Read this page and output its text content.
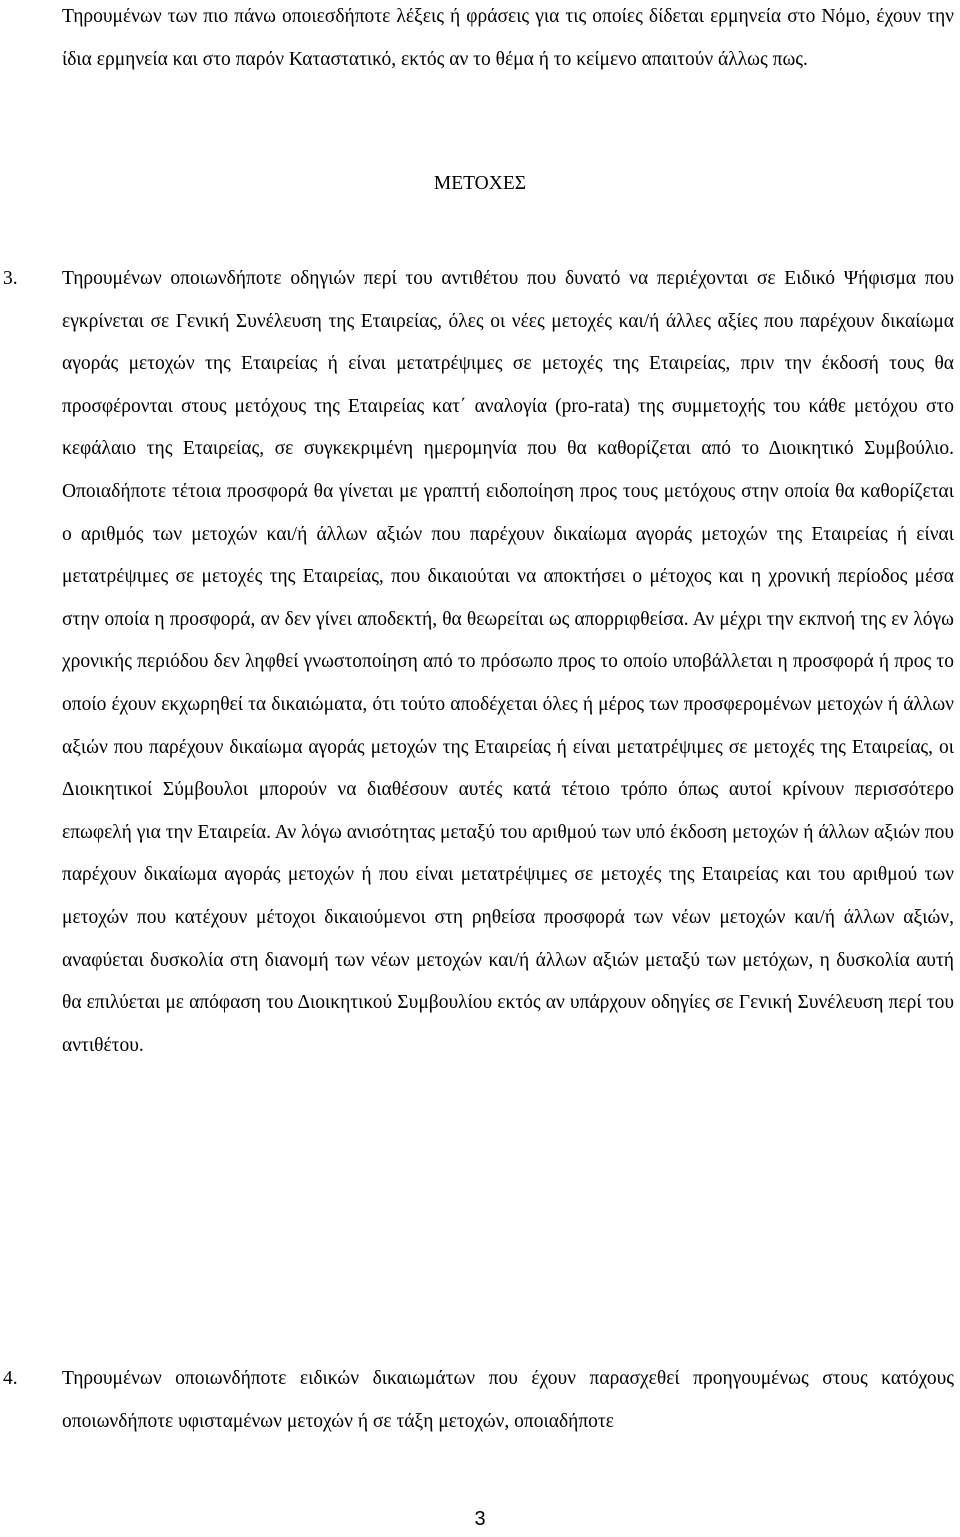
Τηρουμένων των πιο πάνω οποιεσδήποτε λέξεις ή φράσεις για τις οποίες δίδεται ερμηνεία στο Νόμο, έχουν την ίδια ερμηνεία και στο παρόν Καταστατικό, εκτός αν το θέμα ή το κείμενο απαιτούν άλλως πως.

ΜΕΤΟΧΕΣ

3. Τηρουμένων οποιωνδήποτε οδηγιών περί του αντιθέτου που δυνατό να περιέχονται σε Ειδικό Ψήφισμα που εγκρίνεται σε Γενική Συνέλευση της Εταιρείας, όλες οι νέες μετοχές και/ή άλλες αξίες που παρέχουν δικαίωμα αγοράς μετοχών της Εταιρείας ή είναι μετατρέψιμες σε μετοχές της Εταιρείας, πριν την έκδοσή τους θα προσφέρονται στους μετόχους της Εταιρείας κατ΄ αναλογία (pro-rata) της συμμετοχής του κάθε μετόχου στο κεφάλαιο της Εταιρείας, σε συγκεκριμένη ημερομηνία που θα καθορίζεται από το Διοικητικό Συμβούλιο. Οποιαδήποτε τέτοια προσφορά θα γίνεται με γραπτή ειδοποίηση προς τους μετόχους στην οποία θα καθορίζεται ο αριθμός των μετοχών και/ή άλλων αξιών που παρέχουν δικαίωμα αγοράς μετοχών της Εταιρείας ή είναι μετατρέψιμες σε μετοχές της Εταιρείας, που δικαιούται να αποκτήσει ο μέτοχος και η χρονική περίοδος μέσα στην οποία η προσφορά, αν δεν γίνει αποδεκτή, θα θεωρείται ως απορριφθείσα. Αν μέχρι την εκπνοή της εν λόγω χρονικής περιόδου δεν ληφθεί γνωστοποίηση από το πρόσωπο προς το οποίο υποβάλλεται η προσφορά ή προς το οποίο έχουν εκχωρηθεί τα δικαιώματα, ότι τούτο αποδέχεται όλες ή μέρος των προσφερομένων μετοχών ή άλλων αξιών που παρέχουν δικαίωμα αγοράς μετοχών της Εταιρείας ή είναι μετατρέψιμες σε μετοχές της Εταιρείας, οι Διοικητικοί Σύμβουλοι μπορούν να διαθέσουν αυτές κατά τέτοιο τρόπο όπως αυτοί κρίνουν περισσότερο επωφελή για την Εταιρεία. Αν λόγω ανισότητας μεταξύ του αριθμού των υπό έκδοση μετοχών ή άλλων αξιών που παρέχουν δικαίωμα αγοράς μετοχών ή που είναι μετατρέψιμες σε μετοχές της Εταιρείας και του αριθμού των μετοχών που κατέχουν μέτοχοι δικαιούμενοι στη ρηθείσα προσφορά των νέων μετοχών και/ή άλλων αξιών, αναφύεται δυσκολία στη διανομή των νέων μετοχών και/ή άλλων αξιών μεταξύ των μετόχων, η δυσκολία αυτή θα επιλύεται με απόφαση του Διοικητικού Συμβουλίου εκτός αν υπάρχουν οδηγίες σε Γενική Συνέλευση περί του αντιθέτου.

4. Τηρουμένων οποιωνδήποτε ειδικών δικαιωμάτων που έχουν παρασχεθεί προηγουμένως στους κατόχους οποιωνδήποτε υφισταμένων μετοχών ή σε τάξη μετοχών, οποιαδήποτε

3
